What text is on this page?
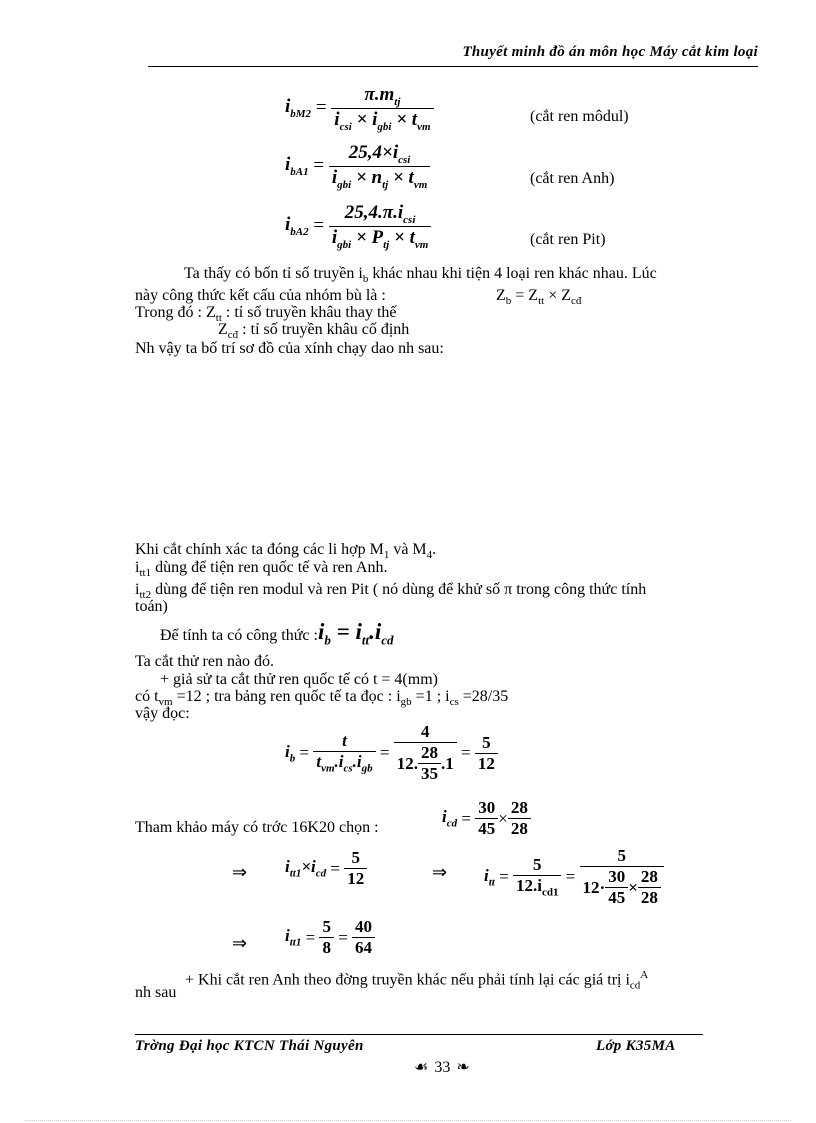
Thuyết minh đồ án môn học Máy cắt kim loại
$i_{bM2} = \frac{\pi.m_{tj}}{i_{csi} \times i_{gbi} \times t_{vm}}$	(cắt ren môdul)
$i_{bA1} = \frac{25,4\times i_{csi}}{i_{gbi} \times n_{tj} \times t_{vm}}$	(cắt ren Anh)
$i_{bA2} = \frac{25,4.\pi.i_{csi}}{i_{gbi} \times P_{tj} \times t_{vm}}$	(cắt ren Pit)
Ta thấy có bốn tỉ số truyền $i_b$ khác nhau khi tiện 4 loại ren khác nhau. Lúc
này công thức kết cấu của nhóm bù là :	$Z_b = Z_{tt} \times Z_{cđ}$
Trong đó : $Z_{tt}$ : tỉ số truyền khâu thay thế
$Z_{cđ}$ : tỉ số truyền khâu cố định
Nh vậy ta bố trí sơ đồ của xính chạy dao nh sau:
Khi cắt chính xác ta đóng các li hợp $M_1$ và $M_4$.
$i_{tt1}$ dùng để tiện ren quốc tế và ren Anh.
$i_{tt2}$ dùng để tiện ren modul và ren Pit ( nó dùng để khử số π trong công thức tính
toán)
Để tính ta có công thức : $i_b = i_{tt}.i_{cd}$
Ta cắt thử ren nào đó.
+ giả sử ta cắt thử ren quốc tế có t = 4(mm)
có $t_{vm} =12$ ; tra bảng ren quốc tế ta đọc : $i_{gb} =1$ ; $i_{cs} =28/35$
vậy đọc:
$i_b = \frac{t}{t_{vm}.i_{cs}.i_{gb}} = \frac{4}{12. \frac{28}{35} .1} = \frac{5}{12}$
Tham khảo máy có trớc 16K20 chọn :
$i_{cd} = \frac{30}{45} \times \frac{28}{28}$
⇒ $i_{tt1}\times i_{cd} = \frac{5}{12}$	⇒ $i_{tt} = \frac{5}{12.i_{cd1}} = \frac{5}{12\cdot \frac{30}{45} \times \frac{28}{28}}$
⇒ $i_{tt1} = \frac{5}{8} = \frac{40}{64}$
+ Khi cắt ren Anh theo đờng truyền khác nếu phải tính lại các giá trị $i_{cd}^A$
nh sau
Trờng Đại học KTCN Thái Nguyên	Lớp K35MA
☙ 33 ❧
